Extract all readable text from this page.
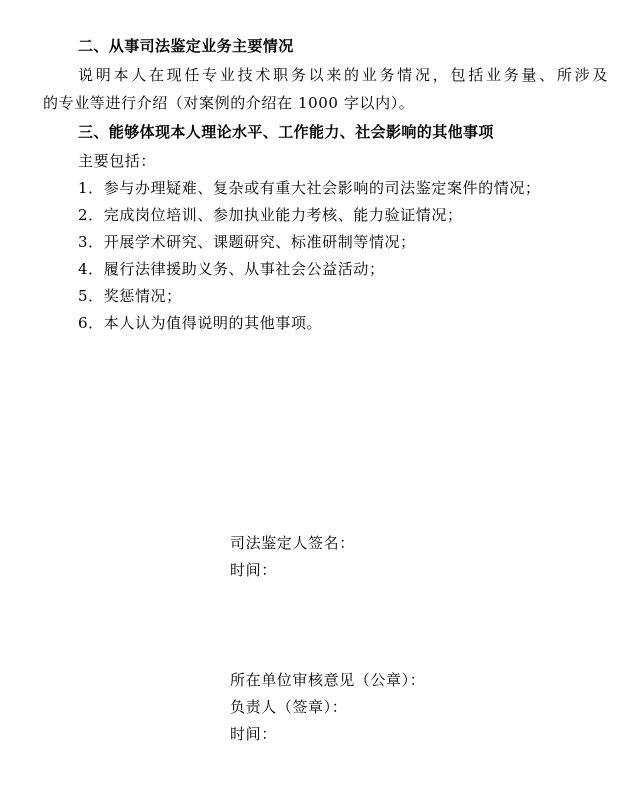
二、从事司法鉴定业务主要情况
说明本人在现任专业技术职务以来的业务情况，包括业务量、所涉及
的专业等进行介绍（对案例的介绍在 1000 字以内）。
三、能够体现本人理论水平、工作能力、社会影响的其他事项
主要包括：
1．参与办理疑难、复杂或有重大社会影响的司法鉴定案件的情况；
2．完成岗位培训、参加执业能力考核、能力验证情况；
3．开展学术研究、课题研究、标准研制等情况；
4．履行法律援助义务、从事社会公益活动；
5．奖惩情况；
6．本人认为值得说明的其他事项。
司法鉴定人签名：
时间：
所在单位审核意见（公章）：
负责人（签章）：
时间：
